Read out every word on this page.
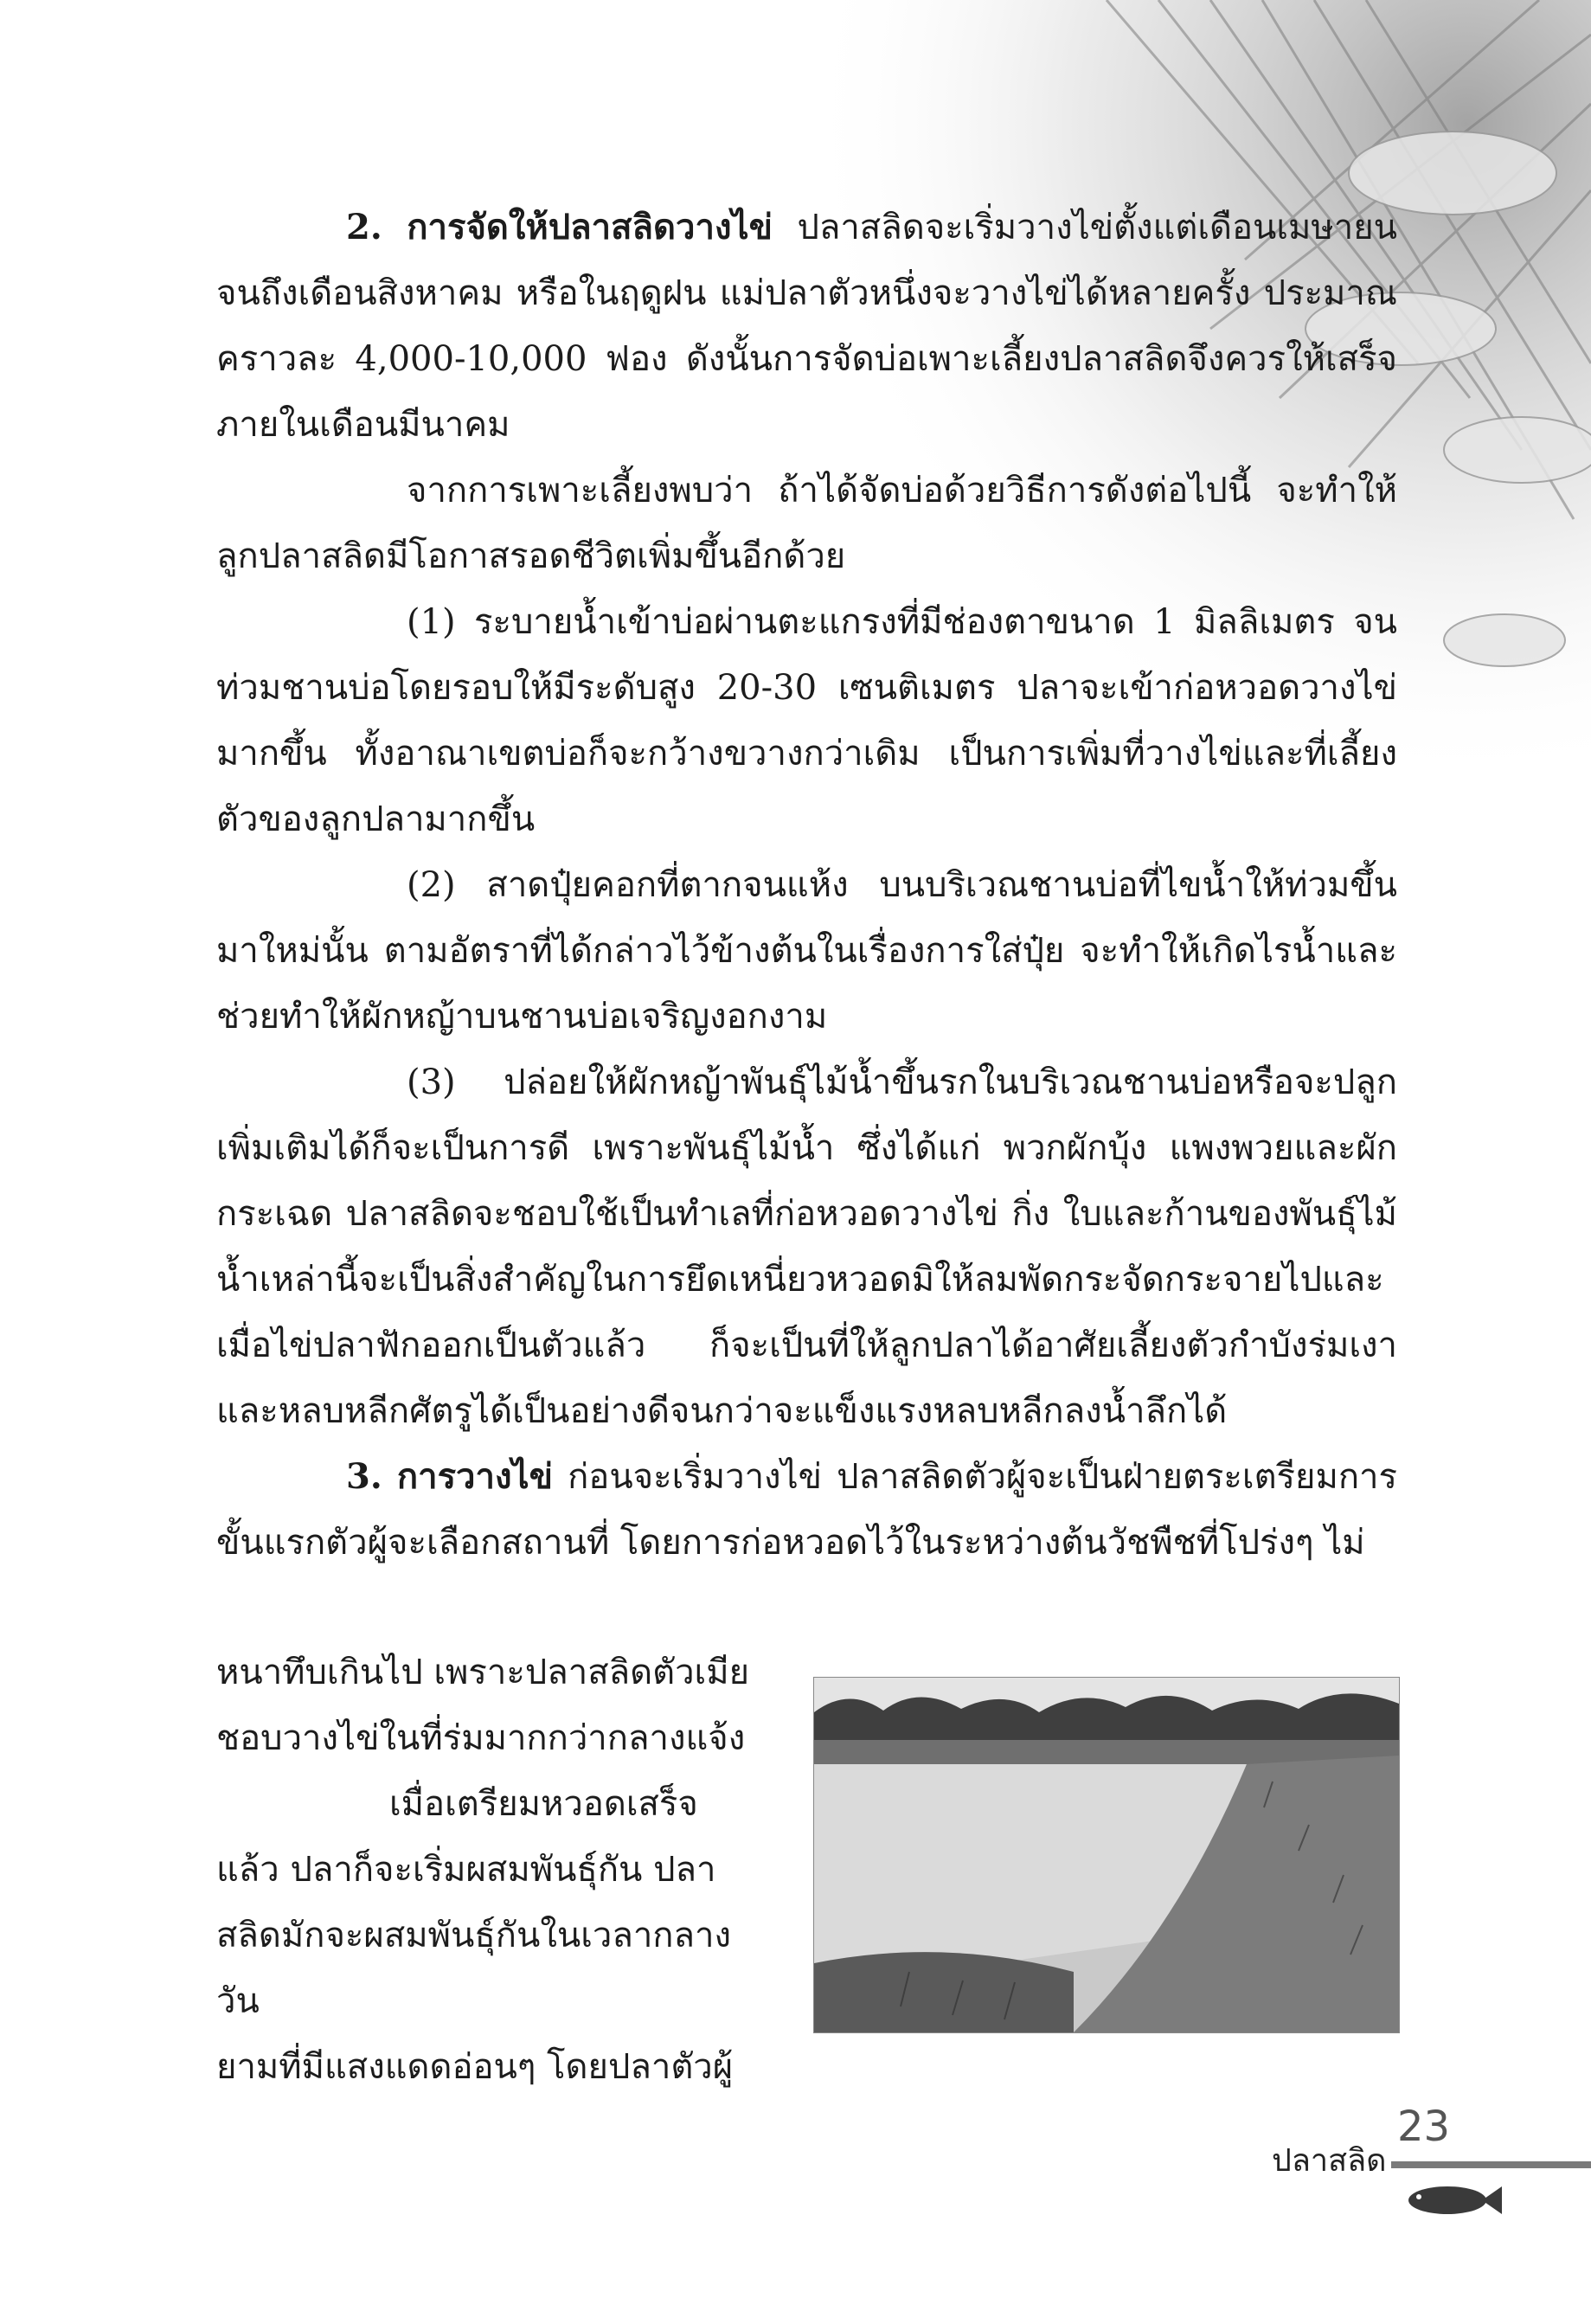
2. การจัดให้ปลาสลิดวางไข่ ปลาสลิดจะเริ่มวางไข่ตั้งแต่เดือนเมษายน จนถึงเดือนสิงหาคม หรือในฤดูฝน แม่ปลาตัวหนึ่งจะวางไข่ได้หลายครั้ง ประมาณคราวละ 4,000-10,000 ฟอง ดังนั้นการจัดบ่อเพาะเลี้ยงปลาสลิดจึงควรให้เสร็จภายในเดือนมีนาคม

จากการเพาะเลี้ยงพบว่า ถ้าได้จัดบ่อด้วยวิธีการดังต่อไปนี้ จะทำให้ลูกปลาสลิดมีโอกาสรอดชีวิตเพิ่มขึ้นอีกด้วย

(1) ระบายน้ำเข้าบ่อผ่านตะแกรงที่มีช่องตาขนาด 1 มิลลิเมตร จนท่วมชานบ่อโดยรอบให้มีระดับสูง 20-30 เซนติเมตร ปลาจะเข้าก่อหวอดวางไข่มากขึ้น ทั้งอาณาเขตบ่อก็จะกว้างขวางกว่าเดิม เป็นการเพิ่มที่วางไข่และที่เลี้ยงตัวของลูกปลามากขึ้น

(2) สาดปุ๋ยคอกที่ตากจนแห้ง บนบริเวณชานบ่อที่ไขน้ำให้ท่วมขึ้นมาใหม่นั้น ตามอัตราที่ได้กล่าวไว้ข้างต้นในเรื่องการใส่ปุ๋ย จะทำให้เกิดไรน้ำและช่วยทำให้ผักหญ้าบนชานบ่อเจริญงอกงาม

(3) ปล่อยให้ผักหญ้าพันธุ์ไม้น้ำขึ้นรกในบริเวณชานบ่อหรือจะปลูกเพิ่มเติมได้ก็จะเป็นการดี เพราะพันธุ์ไม้น้ำ ซึ่งได้แก่ พวกผักบุ้ง แพงพวยและผักกระเฉด ปลาสลิดจะชอบใช้เป็นทำเลที่ก่อหวอดวางไข่ กิ่ง ใบและก้านของพันธุ์ไม้น้ำเหล่านี้จะเป็นสิ่งสำคัญในการยึดเหนี่ยวหวอดมิให้ลมพัดกระจัดกระจายไปและเมื่อไข่ปลาฟักออกเป็นตัวแล้ว ก็จะเป็นที่ให้ลูกปลาได้อาศัยเลี้ยงตัวกำบังร่มเงาและหลบหลีกศัตรูได้เป็นอย่างดีจนกว่าจะแข็งแรงหลบหลีกลงน้ำลึกได้

3. การวางไข่ ก่อนจะเริ่มวางไข่ ปลาสลิดตัวผู้จะเป็นฝ่ายตระเตรียมการขั้นแรกตัวผู้จะเลือกสถานที่ โดยการก่อหวอดไว้ในระหว่างต้นวัชพืชที่โปร่งๆ ไม่

หนาทึบเกินไป เพราะปลาสลิดตัวเมีย
ชอบวางไข่ในที่ร่มมากกว่ากลางแจ้ง
เมื่อเตรียมหวอดเสร็จ
แล้ว ปลาก็จะเริ่มผสมพันธุ์กัน ปลา
สลิดมักจะผสมพันธุ์กันในเวลากลางวัน
ยามที่มีแสงแดดอ่อนๆ โดยปลาตัวผู้
23
ปลาสลิด
